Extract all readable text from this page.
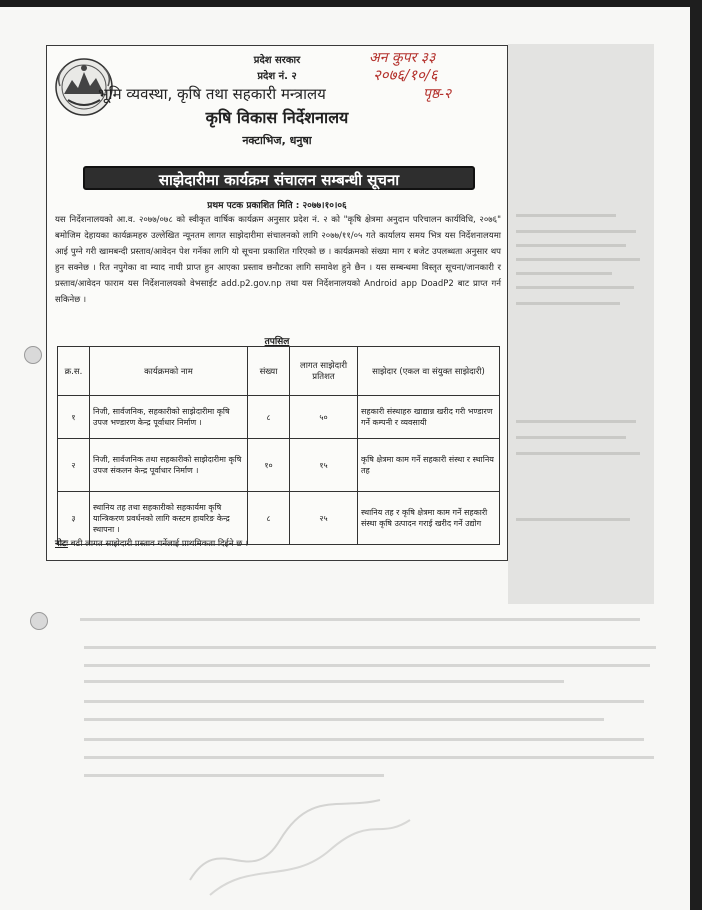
प्रदेश सरकार
प्रदेश नं. २
भूमि व्यवस्था, कृषि तथा सहकारी मन्त्रालय
कृषि विकास निर्देशनालय
नक्टाभिज, धनुषा
अन कुपर ३३
२०७६/१०/६
पृष्ठ-२
साझेदारीमा कार्यक्रम संचालन सम्बन्धी सूचना
प्रथम पटक प्रकाशित मिति : २०७७।१०।०६

यस निर्देशनालयको आ.व. २०७७/०७८ को स्वीकृत वार्षिक कार्यक्रम अनुसार प्रदेश नं. २ को "कृषि क्षेत्रमा अनुदान परिचालन कार्यविधि, २०७६" बमोजिम देहायका कार्यक्रमहरु उल्लेखित न्यूनतम लागत साझेदारीमा संचालनको लागि २०७७/११/०५ गते कार्यालय समय भित्र यस निर्देशनालयमा आई पुग्ने गरी खामबन्दी प्रस्ताव/आवेदन पेश गर्नेका लागि यो सूचना प्रकाशित गरिएको छ । कार्यक्रमको संख्या माग र बजेट उपलब्धता अनुसार थप हुन सक्नेछ । रित नपुगेका वा म्याद नाघी प्राप्त हुन आएका प्रस्ताव छनौटका लागि समावेश हुने छैन । यस सम्बन्धमा विस्तृत सूचना/जानकारी र प्रस्ताव/आवेदन फाराम यस निर्देशनालयको वेभसाईट add.p2.gov.np तथा यस निर्देशनालयको Android app DoadP2 बाट प्राप्त गर्न सकिनेछ ।

तपसिल
क्र.स.	कार्यक्रमको नाम	संख्या	लागत साझेदारी प्रतिशत	साझेदार (एकल वा संयुक्त साझेदारी)
१	निजी, सार्वजनिक, सहकारीको साझेदारीमा कृषि उपज भण्डारण केन्द्र पूर्वाधार निर्माण ।	८	५०	सहकारी संस्थाहरु खाद्यान्न खरीद गरी भण्डारण गर्ने कम्पनी र व्यवसायी
२	निजी, सार्वजनिक तथा सहकारीको साझेदारीमा कृषि उपज संकलन केन्द्र पूर्वाधार निर्माण ।	१०	१५	कृषि क्षेत्रमा काम गर्ने सहकारी संस्था र स्थानिय तह
३	स्थानिय तह तथा सहकारीको सहकार्यमा कृषि यान्त्रिकरण प्रवर्धनको लागि कस्टम हायरिङ केन्द्र स्थापना ।	८	२५	स्थानिय तह र कृषि क्षेत्रमा काम गर्ने सहकारी संस्था कृषि उत्पादन गराई खरीद गर्ने उद्योग
नोटः बढी लागत साझेदारी प्रस्ताव गर्नेलाई प्राथमिकता दिईने छ ।
